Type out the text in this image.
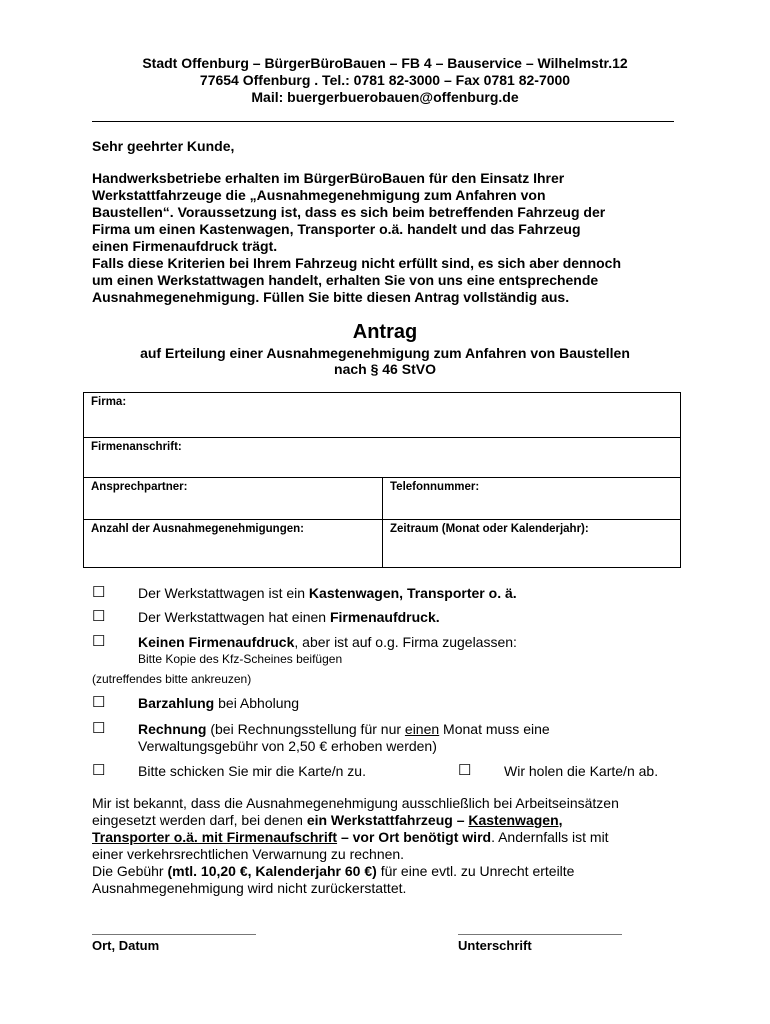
Stadt Offenburg – BürgerBüroBauen – FB 4 – Bauservice – Wilhelmstr.12
77654 Offenburg . Tel.: 0781 82-3000 – Fax 0781 82-7000
Mail: buergerbuerobauen@offenburg.de
Sehr geehrter Kunde,
Handwerksbetriebe erhalten im BürgerBüroBauen für den Einsatz Ihrer
Werkstattfahrzeuge die „Ausnahmegenehmigung zum Anfahren von
Baustellen“. Voraussetzung ist, dass es sich beim betreffenden Fahrzeug der
Firma um einen Kastenwagen, Transporter o.ä. handelt und das Fahrzeug
einen Firmenaufdruck trägt.
Falls diese Kriterien bei Ihrem Fahrzeug nicht erfüllt sind, es sich aber dennoch
um einen Werkstattwagen handelt, erhalten Sie von uns eine entsprechende
Ausnahmegenehmigung. Füllen Sie bitte diesen Antrag vollständig aus.
Antrag
auf Erteilung einer Ausnahmegenehmigung zum Anfahren von Baustellen
nach § 46 StVO
Firma:	
Firmenanschrift:	
Ansprechpartner:	Telefonnummer:
Anzahl der Ausnahmegenehmigungen:	Zeitraum (Monat oder Kalenderjahr):
☐ Der Werkstattwagen ist ein Kastenwagen, Transporter o. ä.
☐ Der Werkstattwagen hat einen Firmenaufdruck.
☐ Keinen Firmenaufdruck, aber ist auf o.g. Firma zugelassen:
Bitte Kopie des Kfz-Scheines beifügen
(zutreffendes bitte ankreuzen)
☐ Barzahlung bei Abholung
☐ Rechnung (bei Rechnungsstellung für nur einen Monat muss eine
Verwaltungsgebühr von 2,50 € erhoben werden)
☐ Bitte schicken Sie mir die Karte/n zu.	☐ Wir holen die Karte/n ab.
Mir ist bekannt, dass die Ausnahmegenehmigung ausschließlich bei Arbeitseinsätzen
eingesetzt werden darf, bei denen ein Werkstattfahrzeug – Kastenwagen,
Transporter o.ä. mit Firmenaufschrift – vor Ort benötigt wird. Andernfalls ist mit
einer verkehrsrechtlichen Verwarnung zu rechnen.
Die Gebühr (mtl. 10,20 €, Kalenderjahr 60 €) für eine evtl. zu Unrecht erteilte
Ausnahmegenehmigung wird nicht zurückerstattet.
Ort, Datum	Unterschrift
